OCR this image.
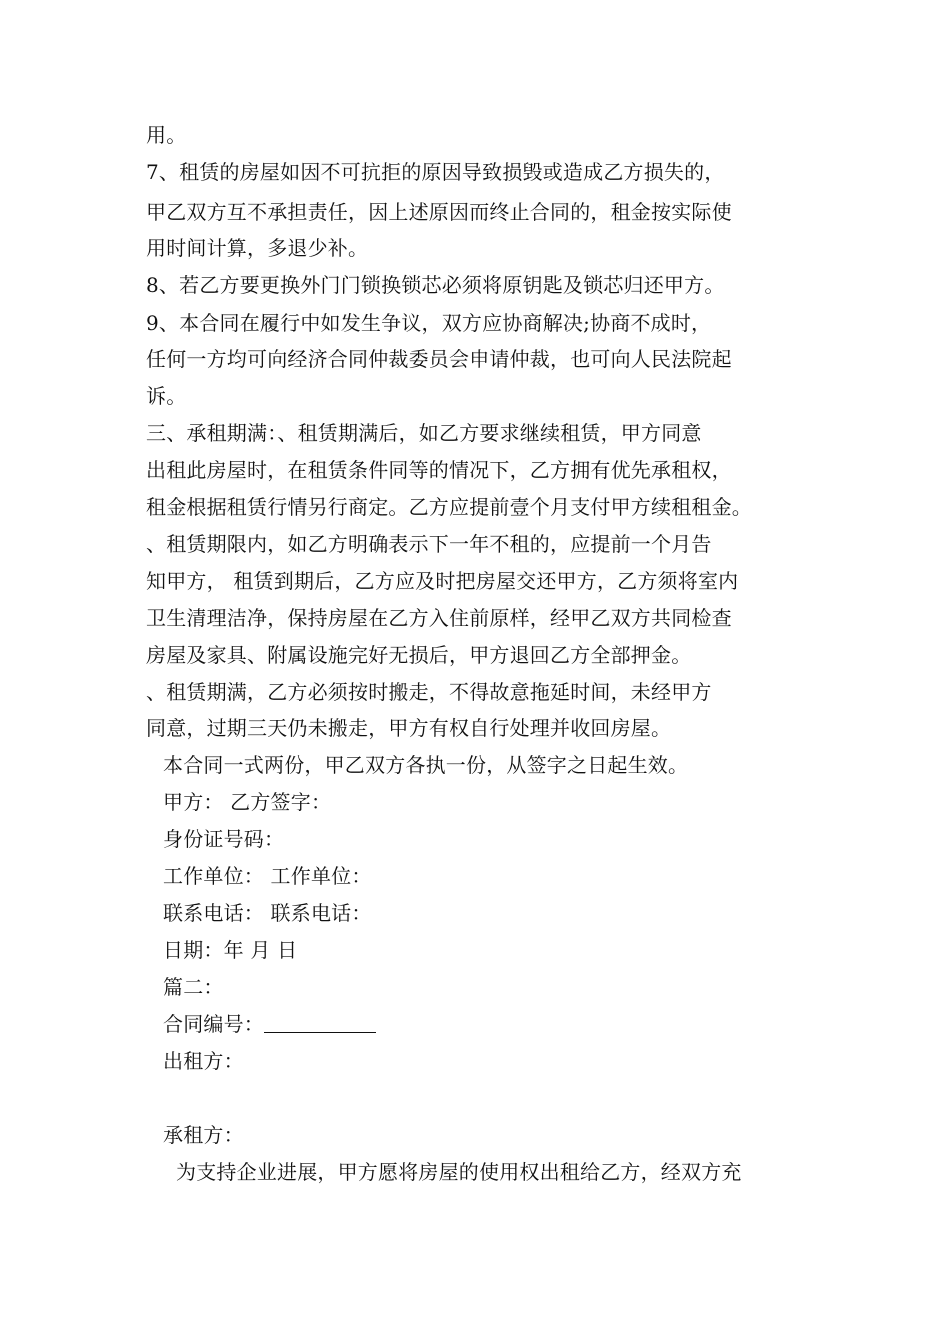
用。
7、租赁的房屋如因不可抗拒的原因导致损毁或造成乙方损失的，
甲乙双方互不承担责任，因上述原因而终止合同的，租金按实际使
用时间计算，多退少补。
8、若乙方要更换外门门锁换锁芯必须将原钥匙及锁芯归还甲方。
9、本合同在履行中如发生争议，双方应协商解决;协商不成时，
任何一方均可向经济合同仲裁委员会申请仲裁，也可向人民法院起
诉。
三、承租期满：、租赁期满后，如乙方要求继续租赁，甲方同意
出租此房屋时，在租赁条件同等的情况下，乙方拥有优先承租权，
租金根据租赁行情另行商定。乙方应提前壹个月支付甲方续租租金。
、租赁期限内，如乙方明确表示下一年不租的，应提前一个月告
知甲方， 租赁到期后，乙方应及时把房屋交还甲方，乙方须将室内
卫生清理洁净，保持房屋在乙方入住前原样，经甲乙双方共同检查
房屋及家具、附属设施完好无损后，甲方退回乙方全部押金。
、租赁期满，乙方必须按时搬走，不得故意拖延时间，未经甲方
同意，过期三天仍未搬走，甲方有权自行处理并收回房屋。
本合同一式两份，甲乙双方各执一份，从签字之日起生效。
甲方： 乙方签字：
身份证号码：
工作单位： 工作单位：
联系电话： 联系电话：
日期：年 月 日
篇二：
合同编号：
出租方：
承租方：
为支持企业进展，甲方愿将房屋的使用权出租给乙方，经双方充
